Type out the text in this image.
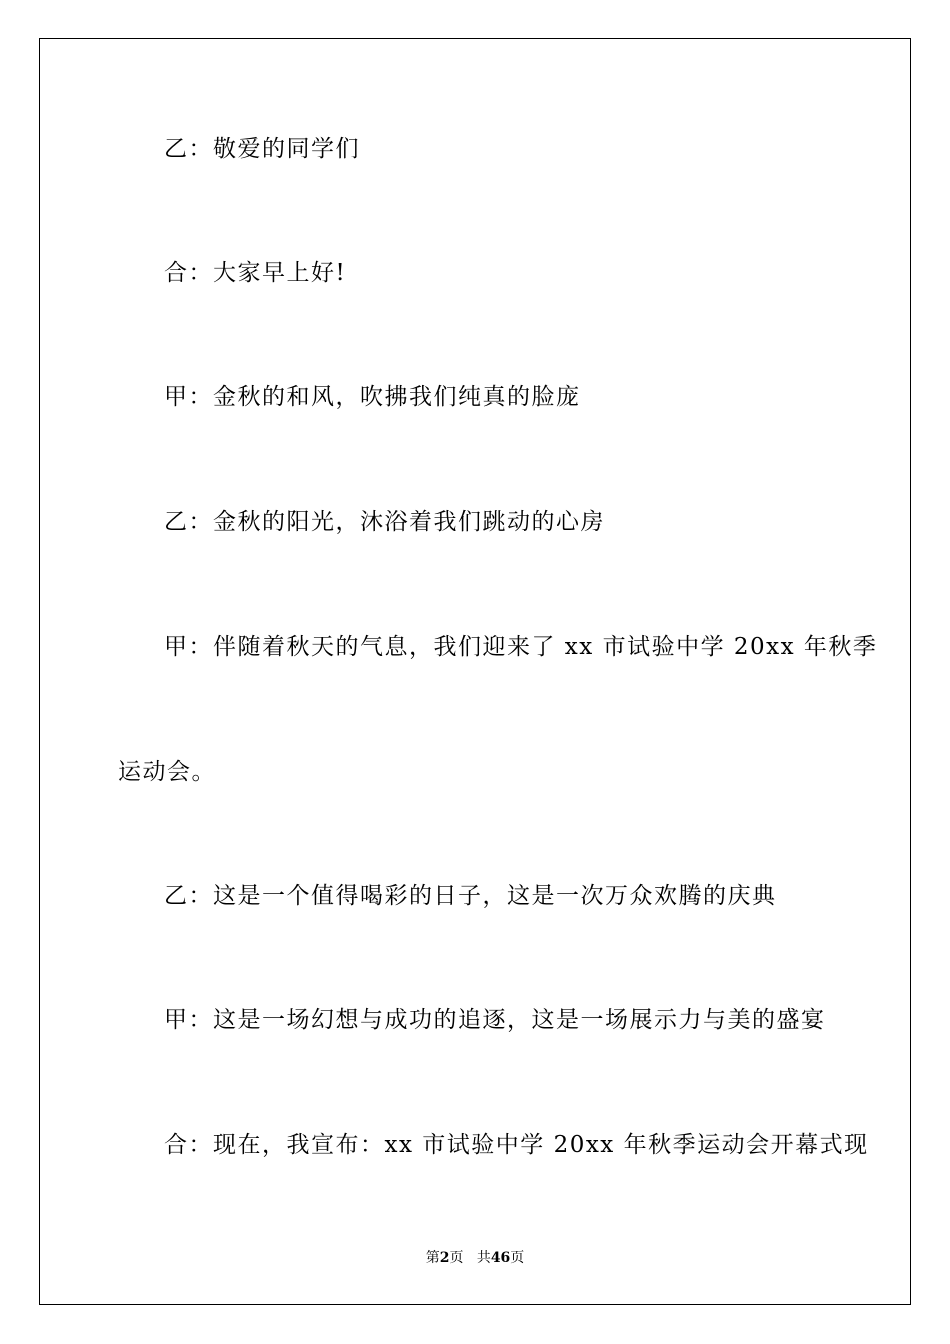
乙：敬爱的同学们
合：大家早上好!
甲：金秋的和风，吹拂我们纯真的脸庞
乙：金秋的阳光，沐浴着我们跳动的心房
甲：伴随着秋天的气息，我们迎来了 xx 市试验中学 20xx 年秋季
运动会。
乙：这是一个值得喝彩的日子，这是一次万众欢腾的庆典
甲：这是一场幻想与成功的追逐，这是一场展示力与美的盛宴
合：现在，我宣布：xx 市试验中学 20xx 年秋季运动会开幕式现
第2页 共46页
